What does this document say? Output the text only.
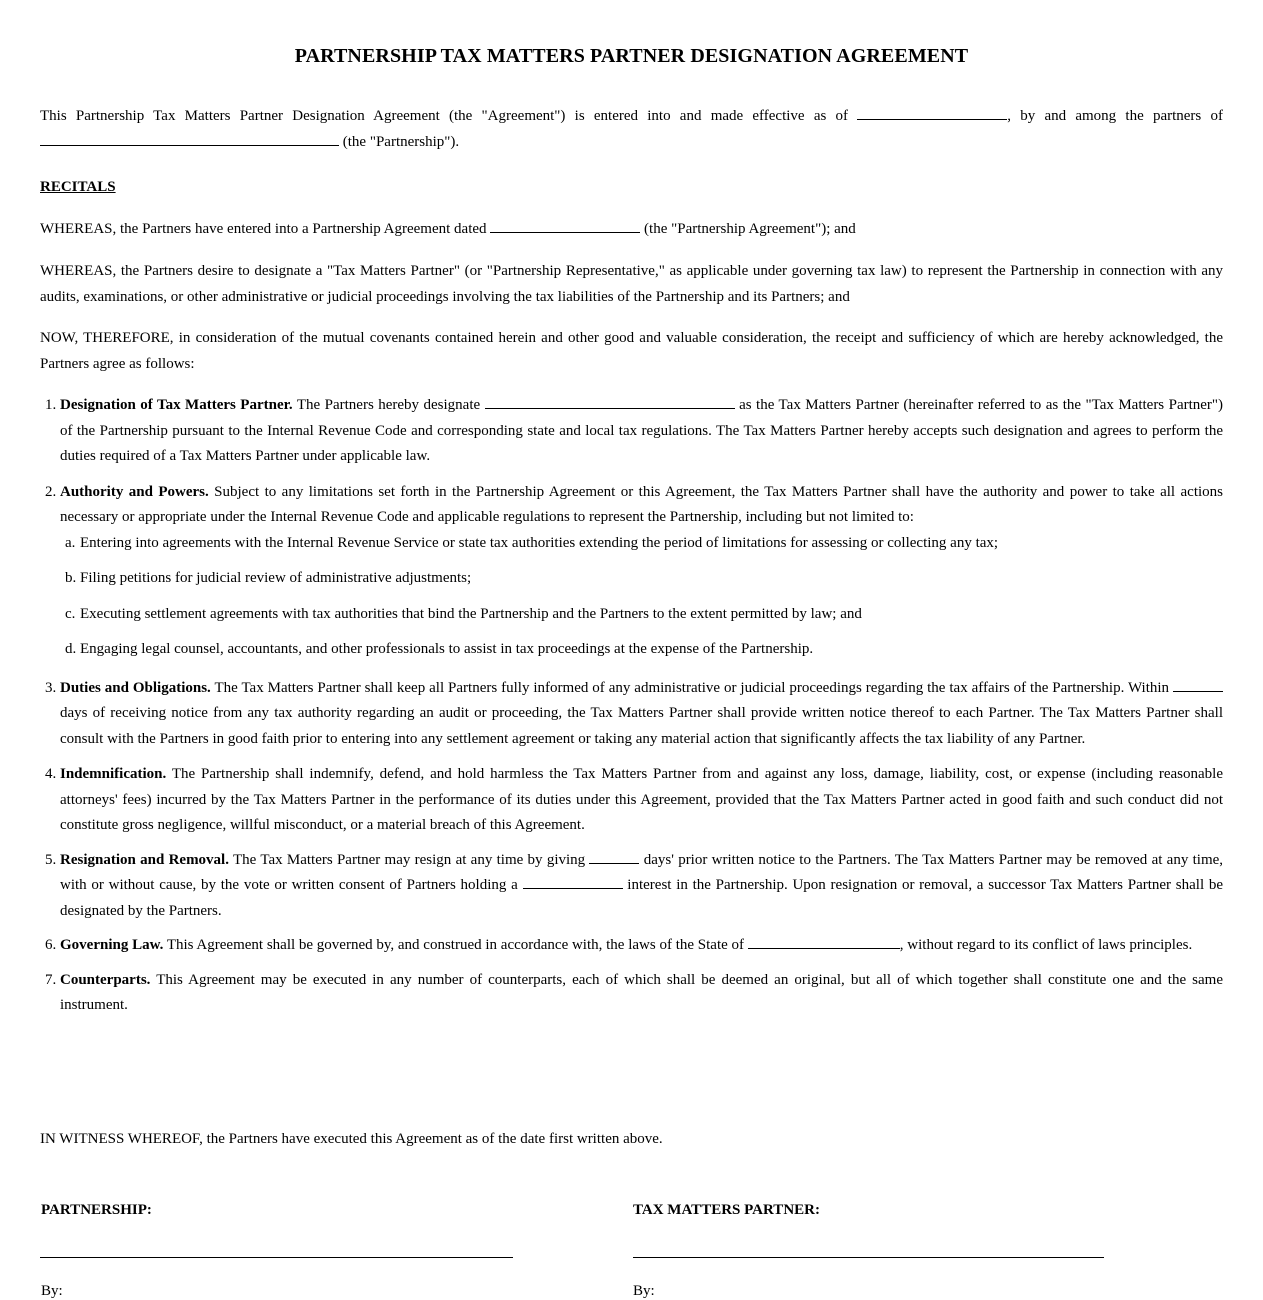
PARTNERSHIP TAX MATTERS PARTNER DESIGNATION AGREEMENT

This Partnership Tax Matters Partner Designation Agreement (the "Agreement") is entered into and made effective as of	, by and among the partners of  (the "Partnership").

RECITALS

WHEREAS, the Partners have entered into a Partnership Agreement dated	(the "Partnership Agreement"); and

WHEREAS, the Partners desire to designate a "Tax Matters Partner" (or "Partnership Representative," as applicable under governing tax law) to represent the Partnership in connection with any audits, examinations, or other administrative or judicial proceedings involving the tax liabilities of the Partnership and its Partners; and

NOW, THEREFORE, in consideration of the mutual covenants contained herein and other good and valuable consideration, the receipt and sufficiency of which are hereby acknowledged, the Partners agree as follows:

1. Designation of Tax Matters Partner. The Partners hereby designate	as the Tax Matters Partner (hereinafter referred to as the "Tax Matters Partner") of the Partnership pursuant to the Internal Revenue Code and corresponding state and local tax regulations. The Tax Matters Partner hereby accepts such designation and agrees to perform the duties required of a Tax Matters Partner under applicable law.
2. Authority and Powers. Subject to any limitations set forth in the Partnership Agreement or this Agreement, the Tax Matters Partner shall have the authority and power to take all actions necessary or appropriate under the Internal Revenue Code and applicable regulations to represent the Partnership, including but not limited to:
a. Entering into agreements with the Internal Revenue Service or state tax authorities extending the period of limitations for assessing or collecting any tax;
b. Filing petitions for judicial review of administrative adjustments;
c. Executing settlement agreements with tax authorities that bind the Partnership and the Partners to the extent permitted by law; and
d. Engaging legal counsel, accountants, and other professionals to assist in tax proceedings at the expense of the Partnership.
3. Duties and Obligations. The Tax Matters Partner shall keep all Partners fully informed of any administrative or judicial proceedings regarding the tax affairs of the Partnership. Within  days of receiving notice from any tax authority regarding an audit or proceeding, the Tax Matters Partner shall provide written notice thereof to each Partner. The Tax Matters Partner shall consult with the Partners in good faith prior to entering into any settlement agreement or taking any material action that significantly affects the tax liability of any Partner.
4. Indemnification. The Partnership shall indemnify, defend, and hold harmless the Tax Matters Partner from and against any loss, damage, liability, cost, or expense (including reasonable attorneys' fees) incurred by the Tax Matters Partner in the performance of its duties under this Agreement, provided that the Tax Matters Partner acted in good faith and such conduct did not constitute gross negligence, willful misconduct, or a material breach of this Agreement.
5. Resignation and Removal. The Tax Matters Partner may resign at any time by giving	days' prior written notice to the Partners. The Tax Matters Partner may be removed at any time, with or without cause, by the vote or written consent of Partners holding a	interest in the Partnership. Upon resignation or removal, a successor Tax Matters Partner shall be designated by the Partners.
6. Governing Law. This Agreement shall be governed by, and construed in accordance with, the laws of the State of	, without regard to its conflict of laws principles.
7. Counterparts. This Agreement may be executed in any number of counterparts, each of which shall be deemed an original, but all of which together shall constitute one and the same instrument.

IN WITNESS WHEREOF, the Partners have executed this Agreement as of the date first written above.

PARTNERSHIP:	TAX MATTERS PARTNER:
By:	By:
